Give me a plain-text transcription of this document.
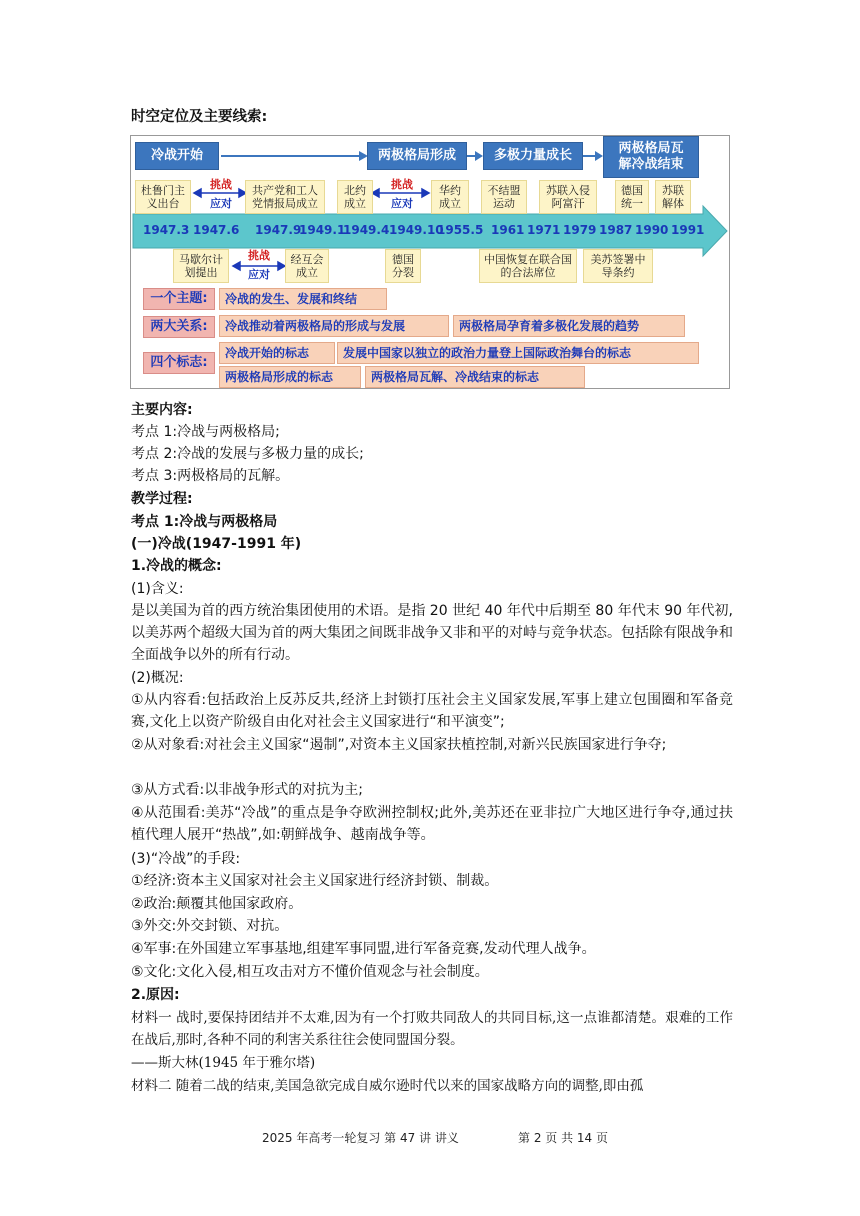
时空定位及主要线索:
冷战开始	两极格局形成	多极力量成长	两极格局瓦解冷战结束
杜鲁门主义出台
挑战
应对
共产党和工人党情报局成立
北约成立
挑战
应对
华约成立
不结盟运动
苏联入侵阿富汗
德国统一
苏联解体
1947.3 1947.6 1947.9
1949.1
1949.4 1949.10
1955.5 1961 1971 1979 1987 1990 1991
马歇尔计划提出
挑战
应对
经互会成立
德国分裂
中国恢复在联合国的合法席位
美苏签署中导条约
一个主题:	冷战的发生、发展和终结
两大关系:	冷战推动着两极格局的形成与发展	两极格局孕育着多极化发展的趋势
四个标志:
冷战开始的标志	发展中国家以独立的政治力量登上国际政治舞台的标志
两极格局形成的标志	两极格局瓦解、冷战结束的标志
主要内容:
考点 1:冷战与两极格局;
考点 2:冷战的发展与多极力量的成长;
考点 3:两极格局的瓦解。
教学过程:
考点 1:冷战与两极格局
(一)冷战(1947-1991 年)
1.冷战的概念:
(1)含义:
是以美国为首的西方统治集团使用的术语。是指 20 世纪 40 年代中后期至 80 年代末 90 年代初,以美苏两个超级大国为首的两大集团之间既非战争又非和平的对峙与竞争状态。包括除有限战争和全面战争以外的所有行动。
(2)概况:
①从内容看:包括政治上反苏反共,经济上封锁打压社会主义国家发展,军事上建立包围圈和军备竞赛,文化上以资产阶级自由化对社会主义国家进行“和平演变”;
②从对象看:对社会主义国家“遏制”,对资本主义国家扶植控制,对新兴民族国家进行争夺;
③从方式看:以非战争形式的对抗为主;
④从范围看:美苏“冷战”的重点是争夺欧洲控制权;此外,美苏还在亚非拉广大地区进行争夺,通过扶植代理人展开“热战”,如:朝鲜战争、越南战争等。
(3)“冷战”的手段:
①经济:资本主义国家对社会主义国家进行经济封锁、制裁。
②政治:颠覆其他国家政府。
③外交:外交封锁、对抗。
④军事:在外国建立军事基地,组建军事同盟,进行军备竞赛,发动代理人战争。
⑤文化:文化入侵,相互攻击对方不懂价值观念与社会制度。
2.原因:
材料一 战时,要保持团结并不太难,因为有一个打败共同敌人的共同目标,这一点谁都清楚。艰难的工作在战后,那时,各种不同的利害关系往往会使同盟国分裂。
——斯大林(1945 年于雅尔塔)
材料二 随着二战的结束,美国急欲完成自威尔逊时代以来的国家战略方向的调整,即由孤
2025 年高考一轮复习 第 47 讲 讲义	第 2 页 共 14 页
